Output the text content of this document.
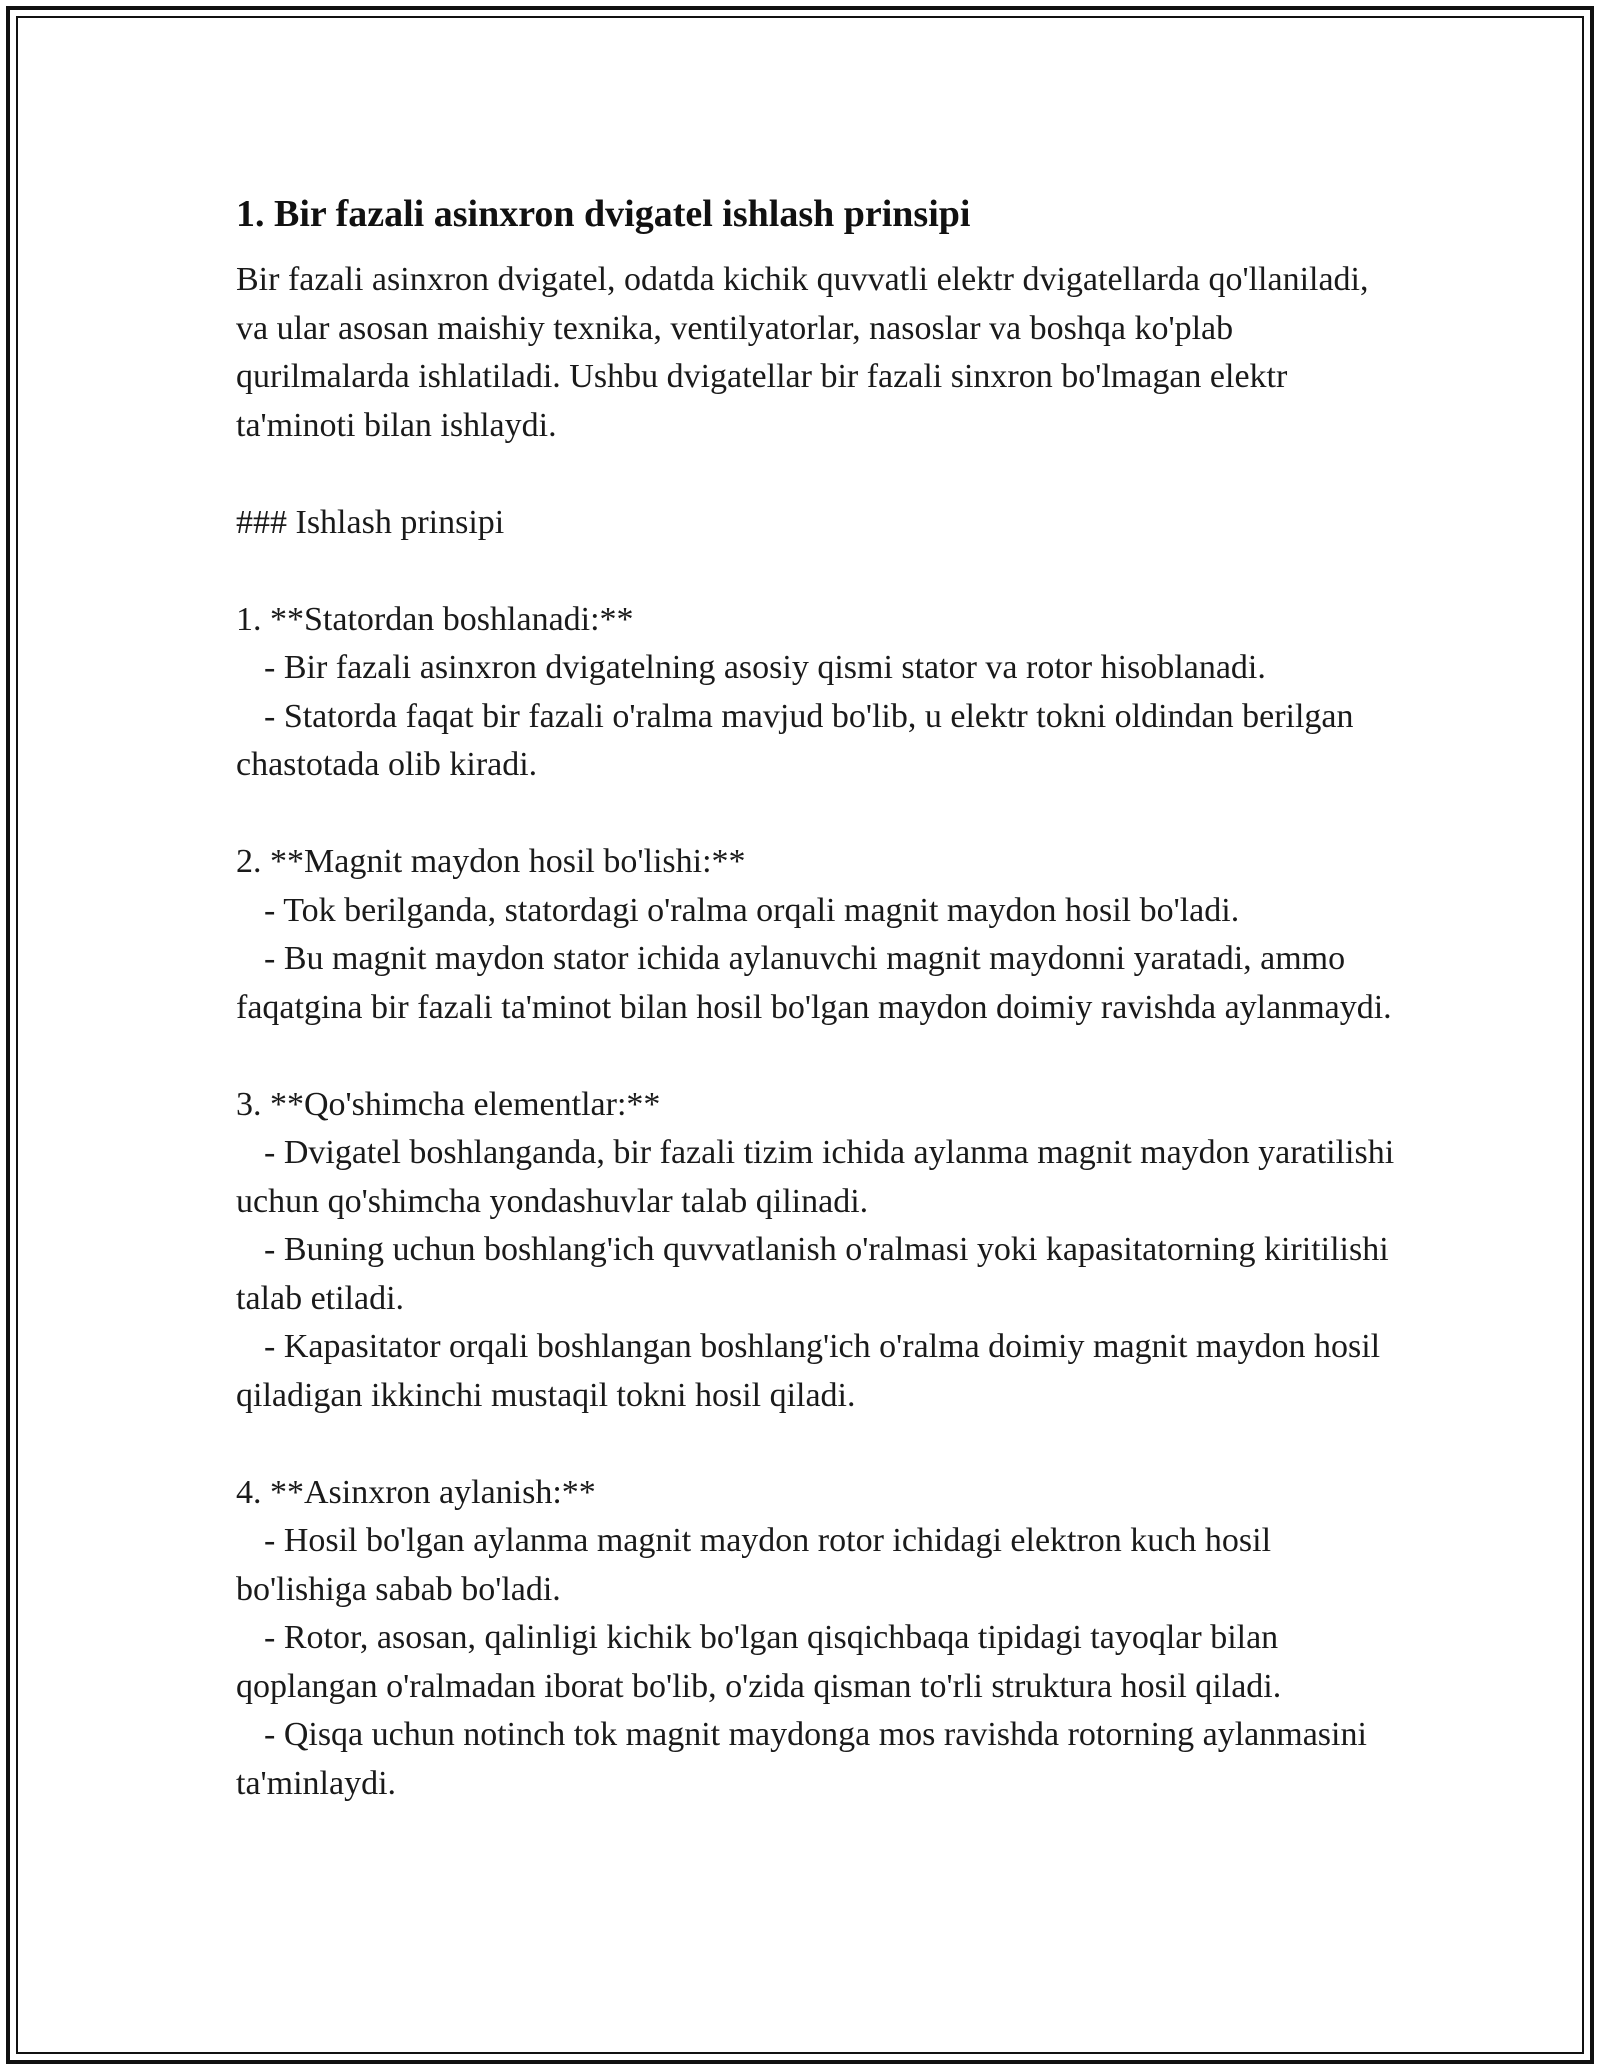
1. Bir fazali asinxron dvigatel ishlash prinsipi

Bir fazali asinxron dvigatel, odatda kichik quvvatli elektr dvigatellarda qo'llaniladi, va ular asosan maishiy texnika, ventilyatorlar, nasoslar va boshqa ko'plab qurilmalarda ishlatiladi. Ushbu dvigatellar bir fazali sinxron bo'lmagan elektr ta'minoti bilan ishlaydi.

### Ishlash prinsipi

1. **Statordan boshlanadi:**

- Bir fazali asinxron dvigatelning asosiy qismi stator va rotor hisoblanadi.

- Statorda faqat bir fazali o'ralma mavjud bo'lib, u elektr tokni oldindan berilgan chastotada olib kiradi.

2. **Magnit maydon hosil bo'lishi:**

- Tok berilganda, statordagi o'ralma orqali magnit maydon hosil bo'ladi.

- Bu magnit maydon stator ichida aylanuvchi magnit maydonni yaratadi, ammo faqatgina bir fazali ta'minot bilan hosil bo'lgan maydon doimiy ravishda aylanmaydi.

3. **Qo'shimcha elementlar:**

- Dvigatel boshlanganda, bir fazali tizim ichida aylanma magnit maydon yaratilishi uchun qo'shimcha yondashuvlar talab qilinadi.

- Buning uchun boshlang'ich quvvatlanish o'ralmasi yoki kapasitatorning kiritilishi talab etiladi.

- Kapasitator orqali boshlangan boshlang'ich o'ralma doimiy magnit maydon hosil qiladigan ikkinchi mustaqil tokni hosil qiladi.

4. **Asinxron aylanish:**

- Hosil bo'lgan aylanma magnit maydon rotor ichidagi elektron kuch hosil bo'lishiga sabab bo'ladi.

- Rotor, asosan, qalinligi kichik bo'lgan qisqichbaqa tipidagi tayoqlar bilan qoplangan o'ralmadan iborat bo'lib, o'zida qisman to'rli struktura hosil qiladi.

- Qisqa uchun notinch tok magnit maydonga mos ravishda rotorning aylanmasini ta'minlaydi.
